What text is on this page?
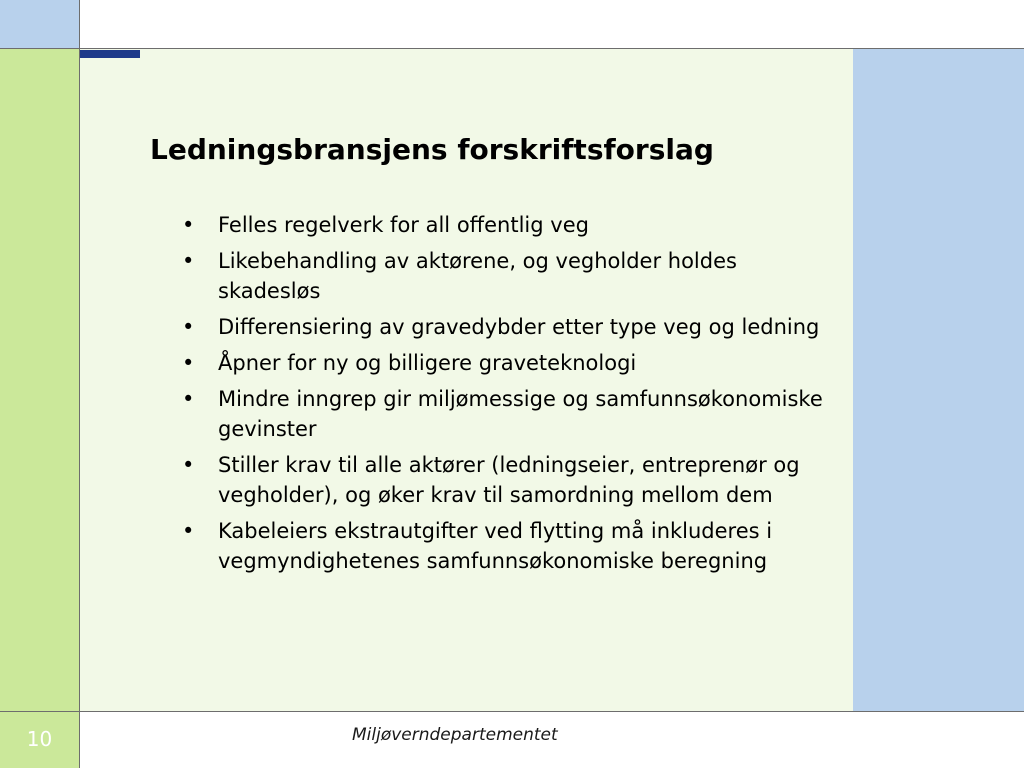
Ledningsbransjens forskriftsforslag
• Felles regelverk for all offentlig veg
• Likebehandling av aktørene, og vegholder holdes skadesløs
• Differensiering av gravedybder etter type veg og ledning
• Åpner for ny og billigere graveteknologi
• Mindre inngrep gir miljømessige og samfunnsøkonomiske gevinster
• Stiller krav til alle aktører (ledningseier, entreprenør og vegholder), og øker krav til samordning mellom dem
• Kabeleiers ekstrautgifter ved flytting må inkluderes i vegmyndighetenes samfunnsøkonomiske beregning
10	Miljøverndepartementet
